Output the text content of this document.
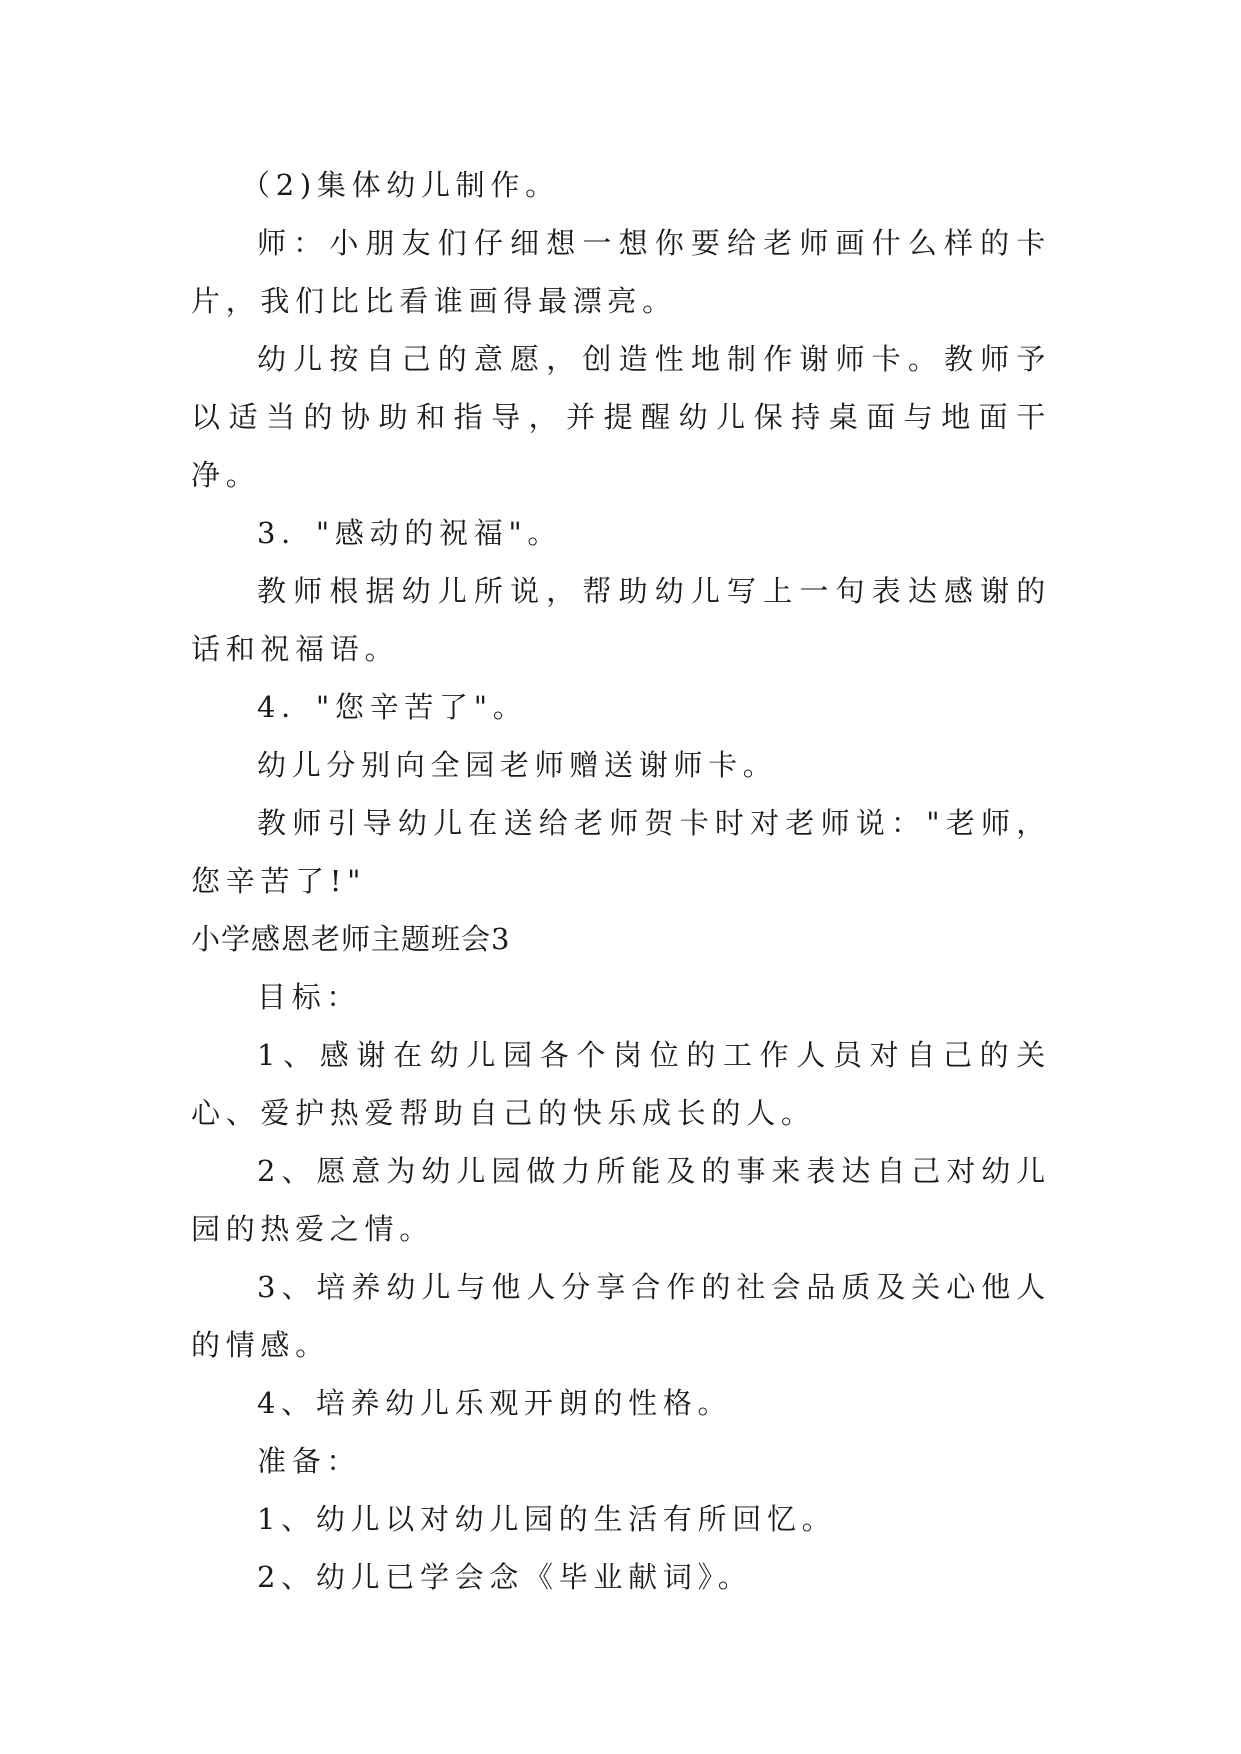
（2)集体幼儿制作。

师：小朋友们仔细想一想你要给老师画什么样的卡片，我们比比看谁画得最漂亮。

幼儿按自己的意愿，创造性地制作谢师卡。教师予以适当的协助和指导，并提醒幼儿保持桌面与地面干净。

3．"感动的祝福"。

教师根据幼儿所说，帮助幼儿写上一句表达感谢的话和祝福语。

4．"您辛苦了"。

幼儿分别向全园老师赠送谢师卡。

教师引导幼儿在送给老师贺卡时对老师说："老师，您辛苦了!"

小学感恩老师主题班会3

目标：

1、感谢在幼儿园各个岗位的工作人员对自己的关心、爱护热爱帮助自己的快乐成长的人。

2、愿意为幼儿园做力所能及的事来表达自己对幼儿园的热爱之情。

3、培养幼儿与他人分享合作的社会品质及关心他人的情感。

4、培养幼儿乐观开朗的性格。

准备：

1、幼儿以对幼儿园的生活有所回忆。

2、幼儿已学会念《毕业献词》。
